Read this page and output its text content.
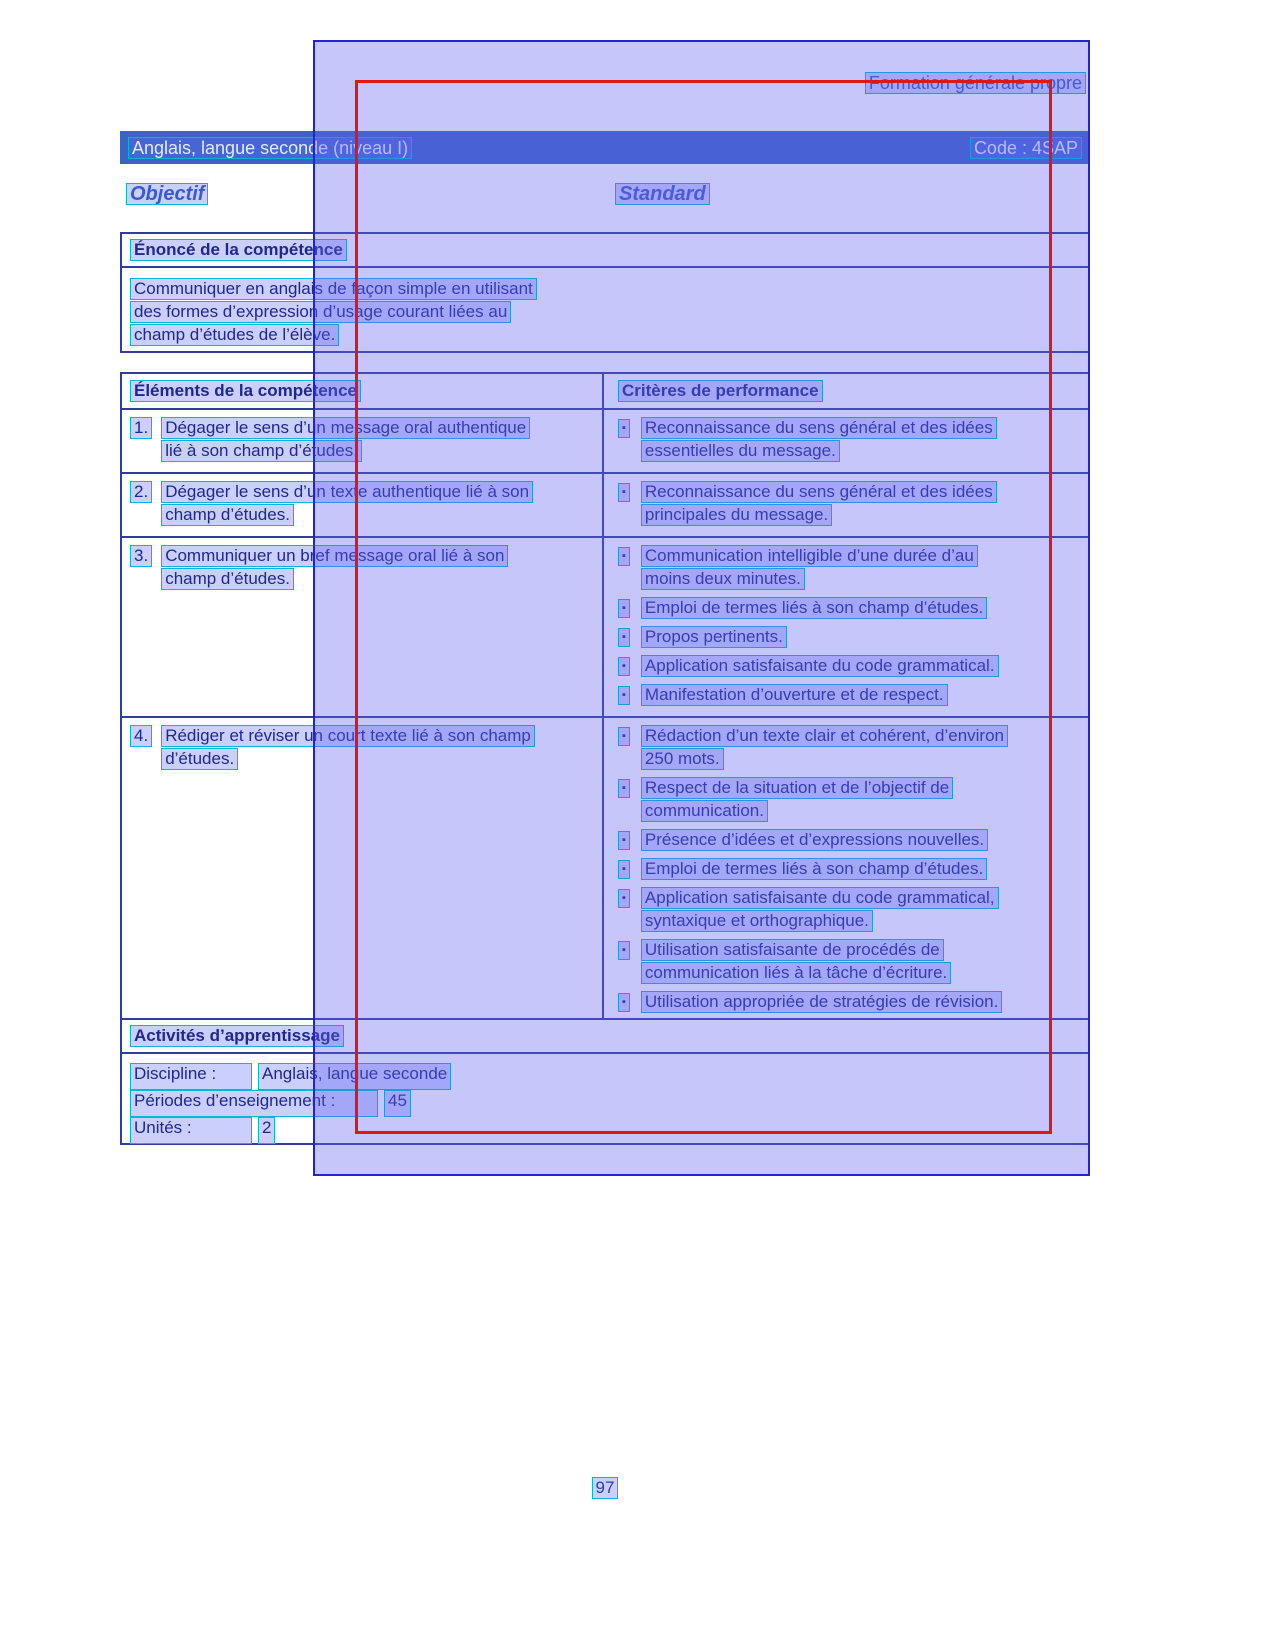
Formation générale propre
Anglais, langue seconde (niveau I)	Code : 4SAP
Objectif	Standard
Énoncé de la compétence
Communiquer en anglais de façon simple en utilisant
des formes d’expression d’usage courant liées au
champ d’études de l’élève.
Éléments de la compétence	Critères de performance
1. Dégager le sens d’un message oral authentique
lié à son champ d’études.
▪ Reconnaissance du sens général et des idées
essentielles du message.
2. Dégager le sens d’un texte authentique lié à son
champ d’études.
▪ Reconnaissance du sens général et des idées
principales du message.
3. Communiquer un bref message oral lié à son
champ d’études.
▪ Communication intelligible d’une durée d’au
moins deux minutes.
▪ Emploi de termes liés à son champ d’études.
▪ Propos pertinents.
▪ Application satisfaisante du code grammatical.
▪ Manifestation d’ouverture et de respect.
4. Rédiger et réviser un court texte lié à son champ
d’études.
▪ Rédaction d’un texte clair et cohérent, d’environ
250 mots.
▪ Respect de la situation et de l’objectif de
communication.
▪ Présence d’idées et d’expressions nouvelles.
▪ Emploi de termes liés à son champ d’études.
▪ Application satisfaisante du code grammatical,
syntaxique et orthographique.
▪ Utilisation satisfaisante de procédés de
communication liés à la tâche d’écriture.
▪ Utilisation appropriée de stratégies de révision.
Activités d’apprentissage
Discipline :	Anglais, langue seconde
Périodes d’enseignement :	45
Unités :	2
97
